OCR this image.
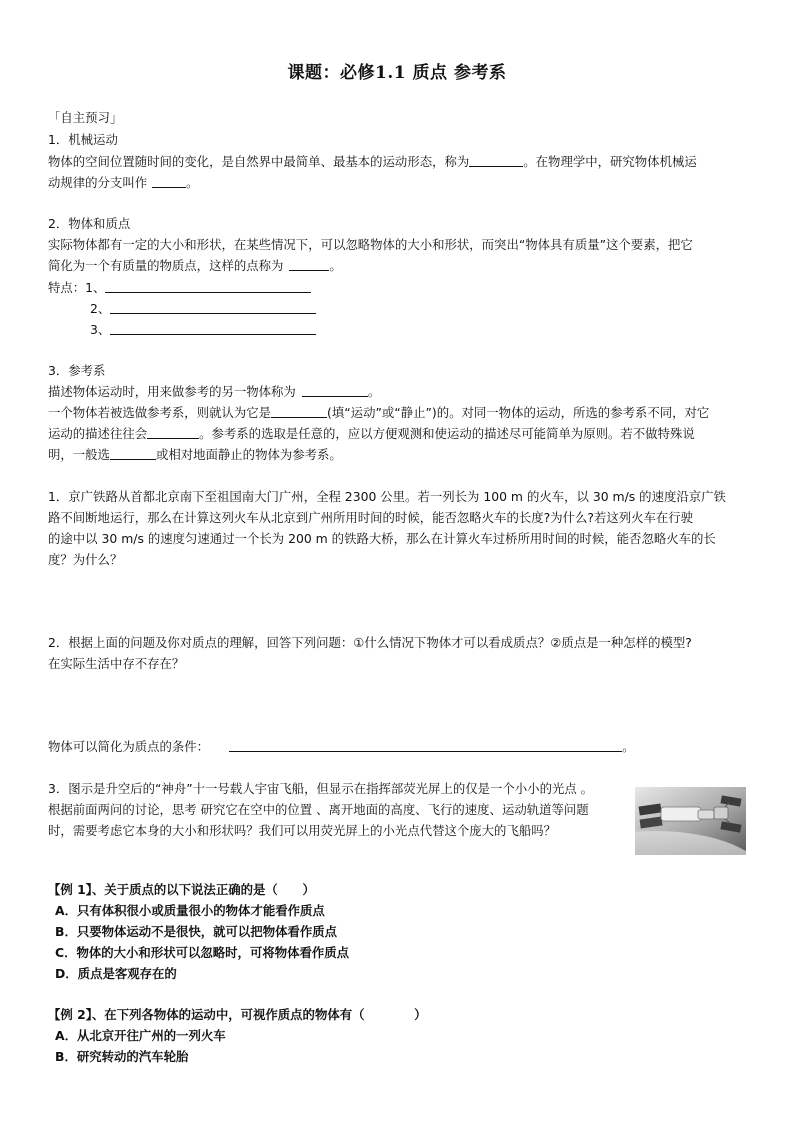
课题：必修1.1 质点 参考系
「自主预习」
1．机械运动
物体的空间位置随时间的变化，是自然界中最简单、最基本的运动形态，称为	。在物理学中，研究物体机械运
动规律的分支叫作	。
2．物体和质点
实际物体都有一定的大小和形状，在某些情况下，可以忽略物体的大小和形状，而突出“物体具有质量”这个要素，把它
简化为一个有质量的物质点，这样的点称为	。
特点：1、
2、
3、
3．参考系
描述物体运动时，用来做参考的另一物体称为	。
一个物体若被选做参考系，则就认为它是	(填“运动”或“静止”)的。对同一物体的运动，所选的参考系不同，对它
运动的描述往往会	。参考系的选取是任意的，应以方便观测和使运动的描述尽可能简单为原则。若不做特殊说
明，一般选	或相对地面静止的物体为参考系。
1．京广铁路从首都北京南下至祖国南大门广州，全程 2300 公里。若一列长为 100 m 的火车，以 30 m/s 的速度沿京广铁
路不间断地运行，那么在计算这列火车从北京到广州所用时间的时候，能否忽略火车的长度?为什么?若这列火车在行驶
的途中以 30 m/s 的速度匀速通过一个长为 200 m 的铁路大桥，那么在计算火车过桥所用时间的时候，能否忽略火车的长
度？为什么？
2．根据上面的问题及你对质点的理解，回答下列问题：①什么情况下物体才可以看成质点？②质点是一种怎样的模型?
在实际生活中存不存在？
物体可以简化为质点的条件：	。
3．图示是升空后的“神舟”十一号载人宇宙飞船，但显示在指挥部荧光屏上的仅是一个小小的光点 。
根据前面两问的讨论，思考 研究它在空中的位置 、离开地面的高度、飞行的速度、运动轨道等问题
时，需要考虑它本身的大小和形状吗？我们可以用荧光屏上的小光点代替这个庞大的飞船吗？
【例 1】、关于质点的以下说法正确的是（　　）
A．只有体积很小或质量很小的物体才能看作质点
B．只要物体运动不是很快，就可以把物体看作质点
C．物体的大小和形状可以忽略时，可将物体看作质点
D．质点是客观存在的
【例 2】、在下列各物体的运动中，可视作质点的物体有（　　　　）
A．从北京开往广州的一列火车
B．研究转动的汽车轮胎
